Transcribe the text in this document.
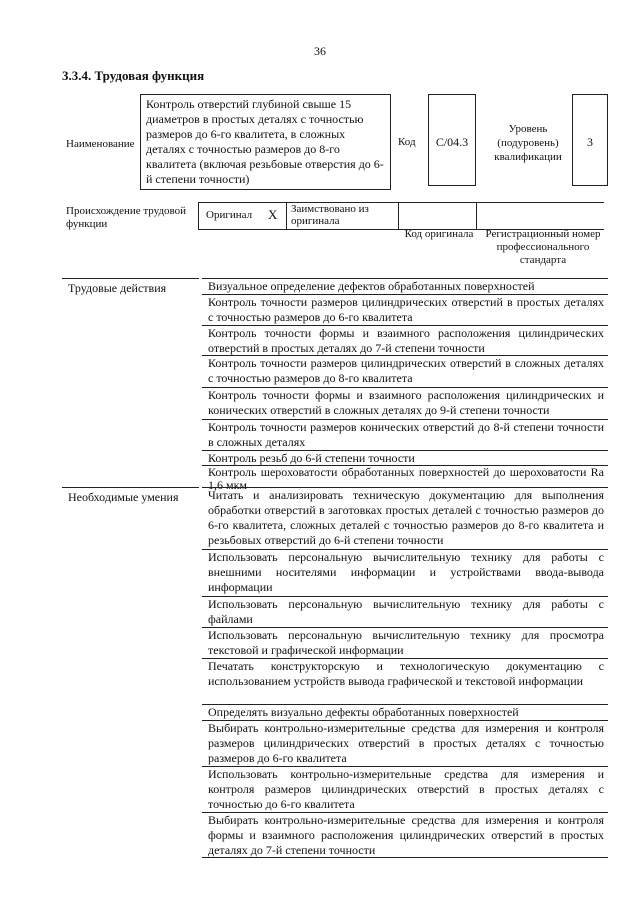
36
3.3.4. Трудовая функция
Наименование
Контроль отверстий глубиной свыше 15 диаметров в простых деталях с точностью размеров до 6-го квалитета, в сложных деталях с точностью размеров до 8-го квалитета (включая резьбовые отверстия до 6-й степени точности)
Код	C/04.3
Уровень (подуровень) квалификации
3
Происхождение трудовой функции
Оригинал X Заимствовано из оригинала
Код оригинала	Регистрационный номер профессионального стандарта
Трудовые действия
Необходимые умения
Визуальное определение дефектов обработанных поверхностей
Контроль точности размеров цилиндрических отверстий в простых деталях с точностью размеров до 6-го квалитета
Контроль точности формы и взаимного расположения цилиндрических отверстий в простых деталях до 7-й степени точности
Контроль точности размеров цилиндрических отверстий в сложных деталях с точностью размеров до 8-го квалитета
Контроль точности формы и взаимного расположения цилиндрических и конических отверстий в сложных деталях до 9-й степени точности
Контроль точности размеров конических отверстий до 8-й степени точности в сложных деталях
Контроль резьб до 6-й степени точности
Контроль шероховатости обработанных поверхностей до шероховатости Ra 1,6 мкм
Читать и анализировать техническую документацию для выполнения обработки отверстий в заготовках простых деталей с точностью размеров до 6-го квалитета, сложных деталей с точностью размеров до 8-го квалитета и резьбовых отверстий до 6-й степени точности
Использовать персональную вычислительную технику для работы с внешними носителями информации и устройствами ввода-вывода информации
Использовать персональную вычислительную технику для работы с файлами
Использовать персональную вычислительную технику для просмотра текстовой и графической информации
Печатать конструкторскую и технологическую документацию с использованием устройств вывода графической и текстовой информации
Определять визуально дефекты обработанных поверхностей
Выбирать контрольно-измерительные средства для измерения и контроля размеров цилиндрических отверстий в простых деталях с точностью размеров до 6-го квалитета
Использовать контрольно-измерительные средства для измерения и контроля размеров цилиндрических отверстий в простых деталях с точностью до 6-го квалитета
Выбирать контрольно-измерительные средства для измерения и контроля формы и взаимного расположения цилиндрических отверстий в простых деталях до 7-й степени точности
